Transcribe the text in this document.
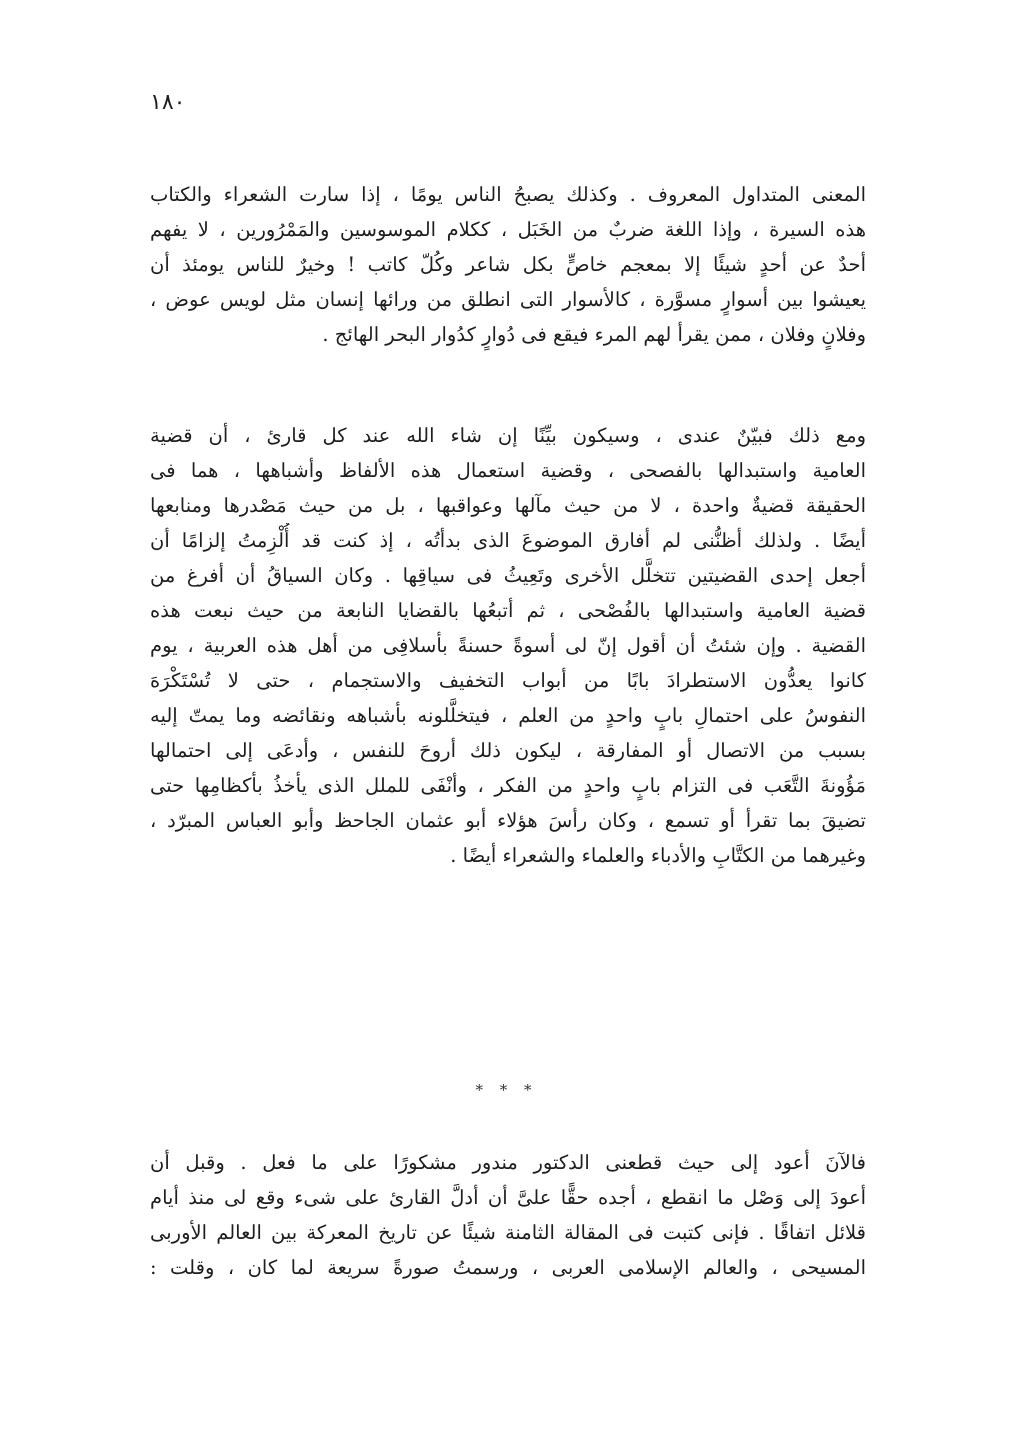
١٨٠
المعنى المتداول المعروف . وكذلك يصبحُ الناس يومًا ، إذا سارت الشعراء والكتاب
هذه السيرة ، وإذا اللغة ضربٌ من الخَبَل ، ككلام الموسوسين والمَمْرُورين ، لا يفهم
أحدٌ عن أحدٍ شيئًا إلا بمعجم خاصٍّ بكل شاعر وكُلّ كاتب ! وخيرٌ للناس يومئذ أن
يعيشوا بين أسوارٍ مسوَّرة ، كالأسوار التى انطلق من ورائها إنسان مثل لويس عوض ،
وفلانٍ وفلان ، ممن يقرأ لهم المرء فيقع فى دُوارٍ كدُوار البحر الهائج .
ومع ذلك فبيّنٌ عندى ، وسيكون بيِّنًا إن شاء الله عند كل قارئ ، أن قضية
العامية واستبدالها بالفصحى ، وقضية استعمال هذه الألفاظ وأشباهها ، هما فى
الحقيقة قضيةٌ واحدة ، لا من حيث مآلها وعواقبها ، بل من حيث مَصْدرها ومنابعها
أيضًا . ولذلك أظنُّنى لم أفارق الموضوعَ الذى بدأتُه ، إذ كنت قد أُلْزِمتُ إلزامًا أن
أجعل إحدى القضيتين تتخلَّل الأخرى وتَعِيثُ فى سياقِها . وكان السياقُ أن أفرغ من
قضية العامية واستبدالها بالفُصْحى ، ثم أتبعُها بالقضايا النابعة من حيث نبعت هذه
القضية . وإن شئتُ أن أقول إنّ لى أسوةً حسنةً بأسلافِى من أهل هذه العربية ، يوم
كانوا يعدُّون الاستطرادَ بابًا من أبواب التخفيف والاستجمام ، حتى لا تُسْتَكْرَهَ
النفوسُ على احتمالِ بابٍ واحدٍ من العلم ، فيتخلَّلونه بأشباهه ونقائضه وما يمتّ إليه
بسبب من الاتصال أو المفارقة ، ليكون ذلك أروحَ للنفس ، وأدعَى إلى احتمالها
مَؤُونةَ التَّعَب فى التزام بابٍ واحدٍ من الفكر ، وأنْفَى للملل الذى يأخذُ بأكظامِها حتى
تضيقَ بما تقرأ أو تسمع ، وكان رأسَ هؤلاء أبو عثمان الجاحظ وأبو العباس المبرّد ،
وغيرهما من الكتَّابِ والأدباء والعلماء والشعراء أيضًا .
* * *
فالآنَ أعود إلى حيث قطعنى الدكتور مندور مشكورًا على ما فعل . وقبل أن
أعودَ إلى وَصْل ما انقطع ، أجده حقًّا علىَّ أن أدلَّ القارئ على شىء وقع لى منذ أيام
قلائل اتفاقًا . فإنى كتبت فى المقالة الثامنة شيئًا عن تاريخ المعركة بين العالم الأوربى
المسيحى ، والعالم الإسلامى العربى ، ورسمتُ صورةً سريعة لما كان ، وقلت :
